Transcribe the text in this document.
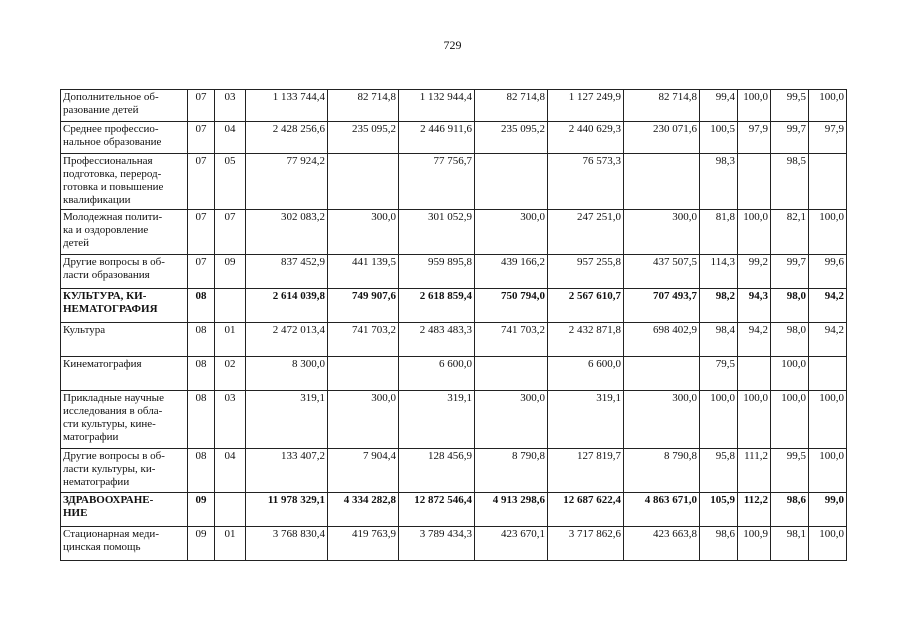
729
Дополнительное об-
разование детей	07	03	1 133 744,4	82 714,8	1 132 944,4	82 714,8	1 127 249,9	82 714,8	99,4	100,0	99,5	100,0
Среднее профессио-
нальное образование	07	04	2 428 256,6	235 095,2	2 446 911,6	235 095,2	2 440 629,3	230 071,6	100,5	97,9	99,7	97,9
Профессиональная
подготовка, переpод-
готовка и повышение
квалификации	07	05	77 924,2		77 756,7		76 573,3		98,3		98,5	
Молодежная полити-
ка и оздоровление
детей	07	07	302 083,2	300,0	301 052,9	300,0	247 251,0	300,0	81,8	100,0	82,1	100,0
Другие вопросы в об-
ласти образования	07	09	837 452,9	441 139,5	959 895,8	439 166,2	957 255,8	437 507,5	114,3	99,2	99,7	99,6
КУЛЬТУРА, КИ-
НЕМАТОГРАФИЯ	08		2 614 039,8	749 907,6	2 618 859,4	750 794,0	2 567 610,7	707 493,7	98,2	94,3	98,0	94,2
Культура	08	01	2 472 013,4	741 703,2	2 483 483,3	741 703,2	2 432 871,8	698 402,9	98,4	94,2	98,0	94,2
Кинематография	08	02	8 300,0		6 600,0		6 600,0		79,5		100,0	
Прикладные научные
исследования в обла-
сти культуры, кине-
матографии	08	03	319,1	300,0	319,1	300,0	319,1	300,0	100,0	100,0	100,0	100,0
Другие вопросы в об-
ласти культуры, ки-
нематографии	08	04	133 407,2	7 904,4	128 456,9	8 790,8	127 819,7	8 790,8	95,8	111,2	99,5	100,0
ЗДРАВООХРАНЕ-
НИЕ	09		11 978 329,1	4 334 282,8	12 872 546,4	4 913 298,6	12 687 622,4	4 863 671,0	105,9	112,2	98,6	99,0
Стационарная меди-
цинская помощь	09	01	3 768 830,4	419 763,9	3 789 434,3	423 670,1	3 717 862,6	423 663,8	98,6	100,9	98,1	100,0
